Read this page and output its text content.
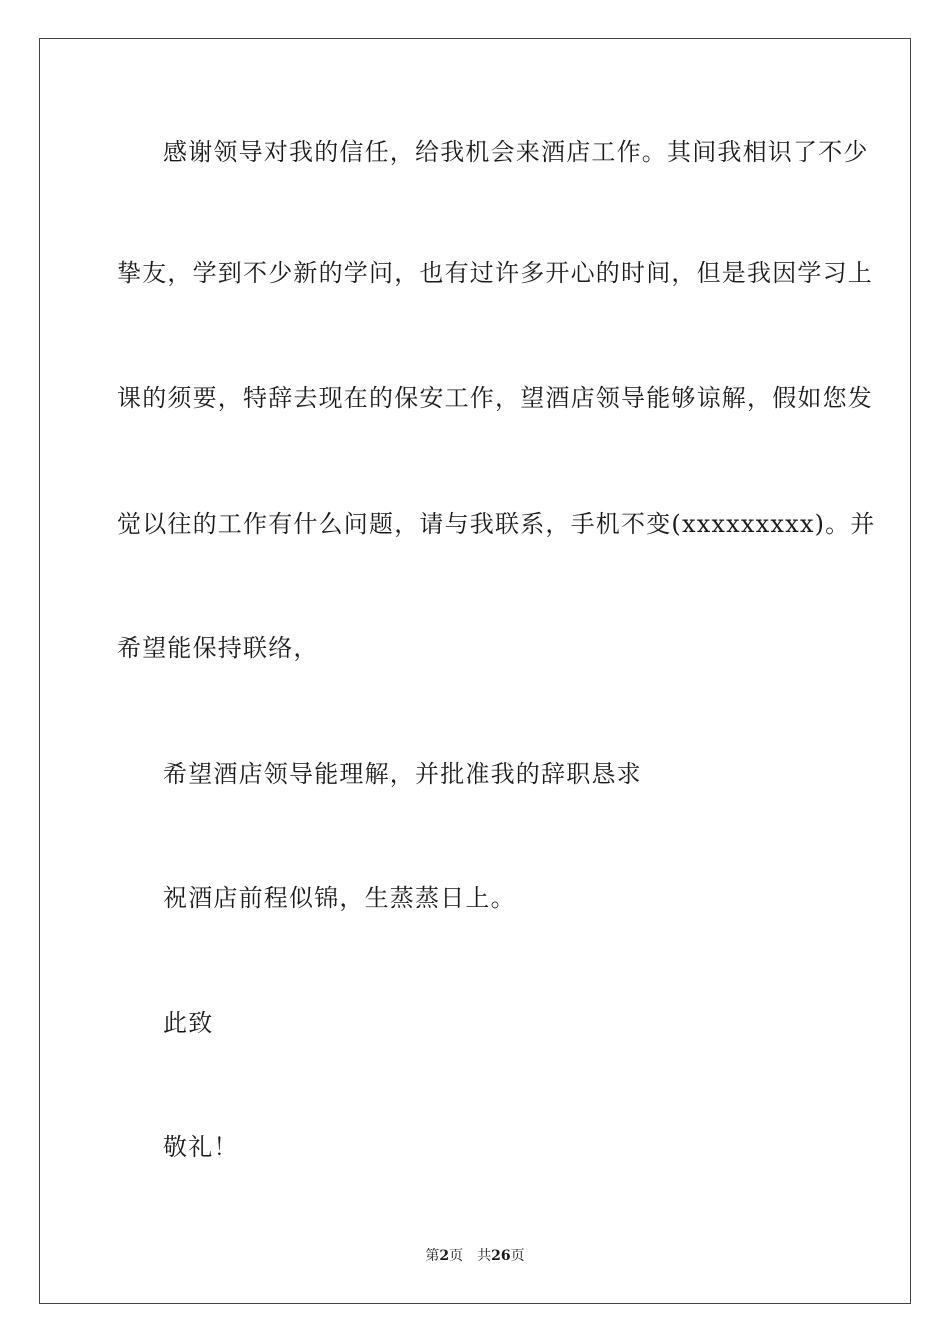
感谢领导对我的信任，给我机会来酒店工作。其间我相识了不少
挚友，学到不少新的学问，也有过许多开心的时间，但是我因学习上
课的须要，特辞去现在的保安工作，望酒店领导能够谅解，假如您发
觉以往的工作有什么问题，请与我联系，手机不变(xxxxxxxxx)。并
希望能保持联络，
希望酒店领导能理解，并批准我的辞职恳求
祝酒店前程似锦，生蒸蒸日上。
此致
敬礼！
第2页 共26页
